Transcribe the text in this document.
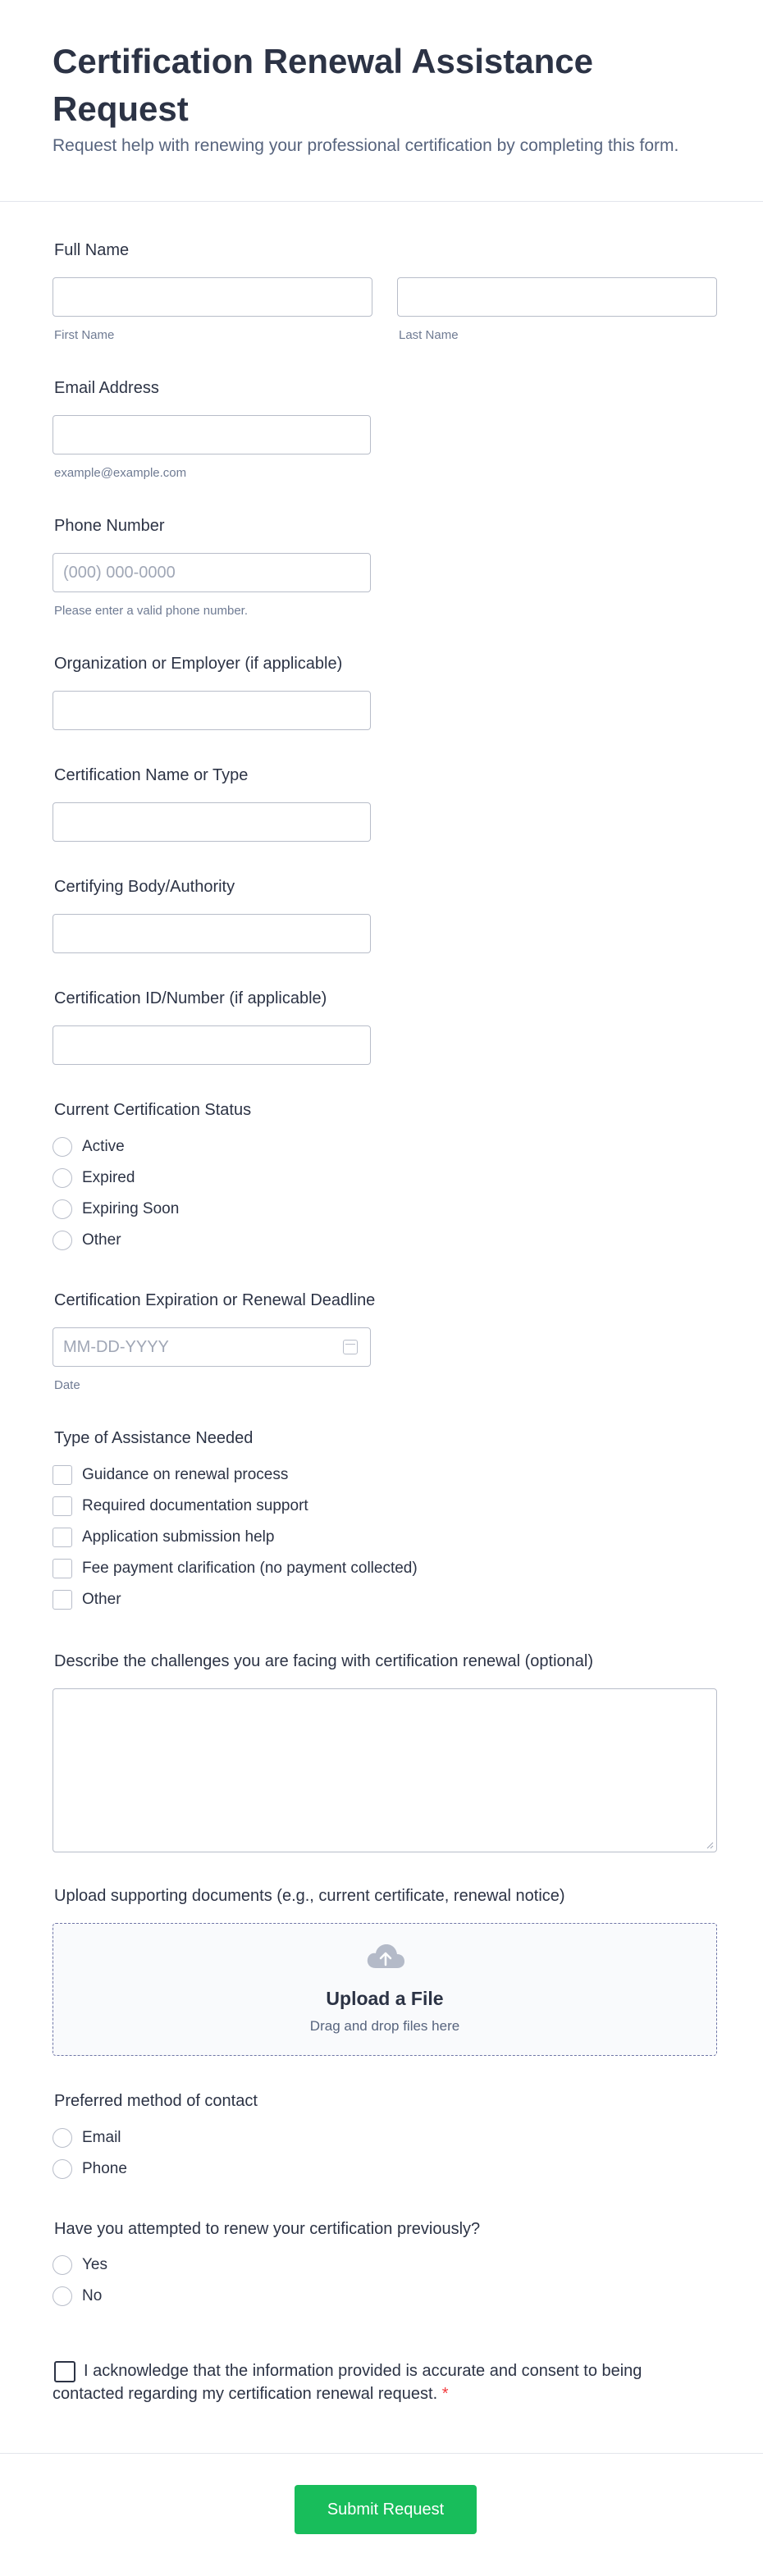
Certification Renewal Assistance Request

Request help with renewing your professional certification by completing this form.

Full Name
First Name	Last Name
Email Address
example@example.com
Phone Number
(000) 000-0000
Please enter a valid phone number.
Organization or Employer (if applicable)
Certification Name or Type
Certifying Body/Authority
Certification ID/Number (if applicable)
Current Certification Status
Active
Expired
Expiring Soon
Other
Certification Expiration or Renewal Deadline
MM-DD-YYYY
Date
Type of Assistance Needed
Guidance on renewal process
Required documentation support
Application submission help
Fee payment clarification (no payment collected)
Other
Describe the challenges you are facing with certification renewal (optional)
Upload supporting documents (e.g., current certificate, renewal notice)
Upload a File
Drag and drop files here
Preferred method of contact
Email
Phone
Have you attempted to renew your certification previously?
Yes
No

I acknowledge that the information provided is accurate and consent to being contacted regarding my certification renewal request. *

Submit Request
